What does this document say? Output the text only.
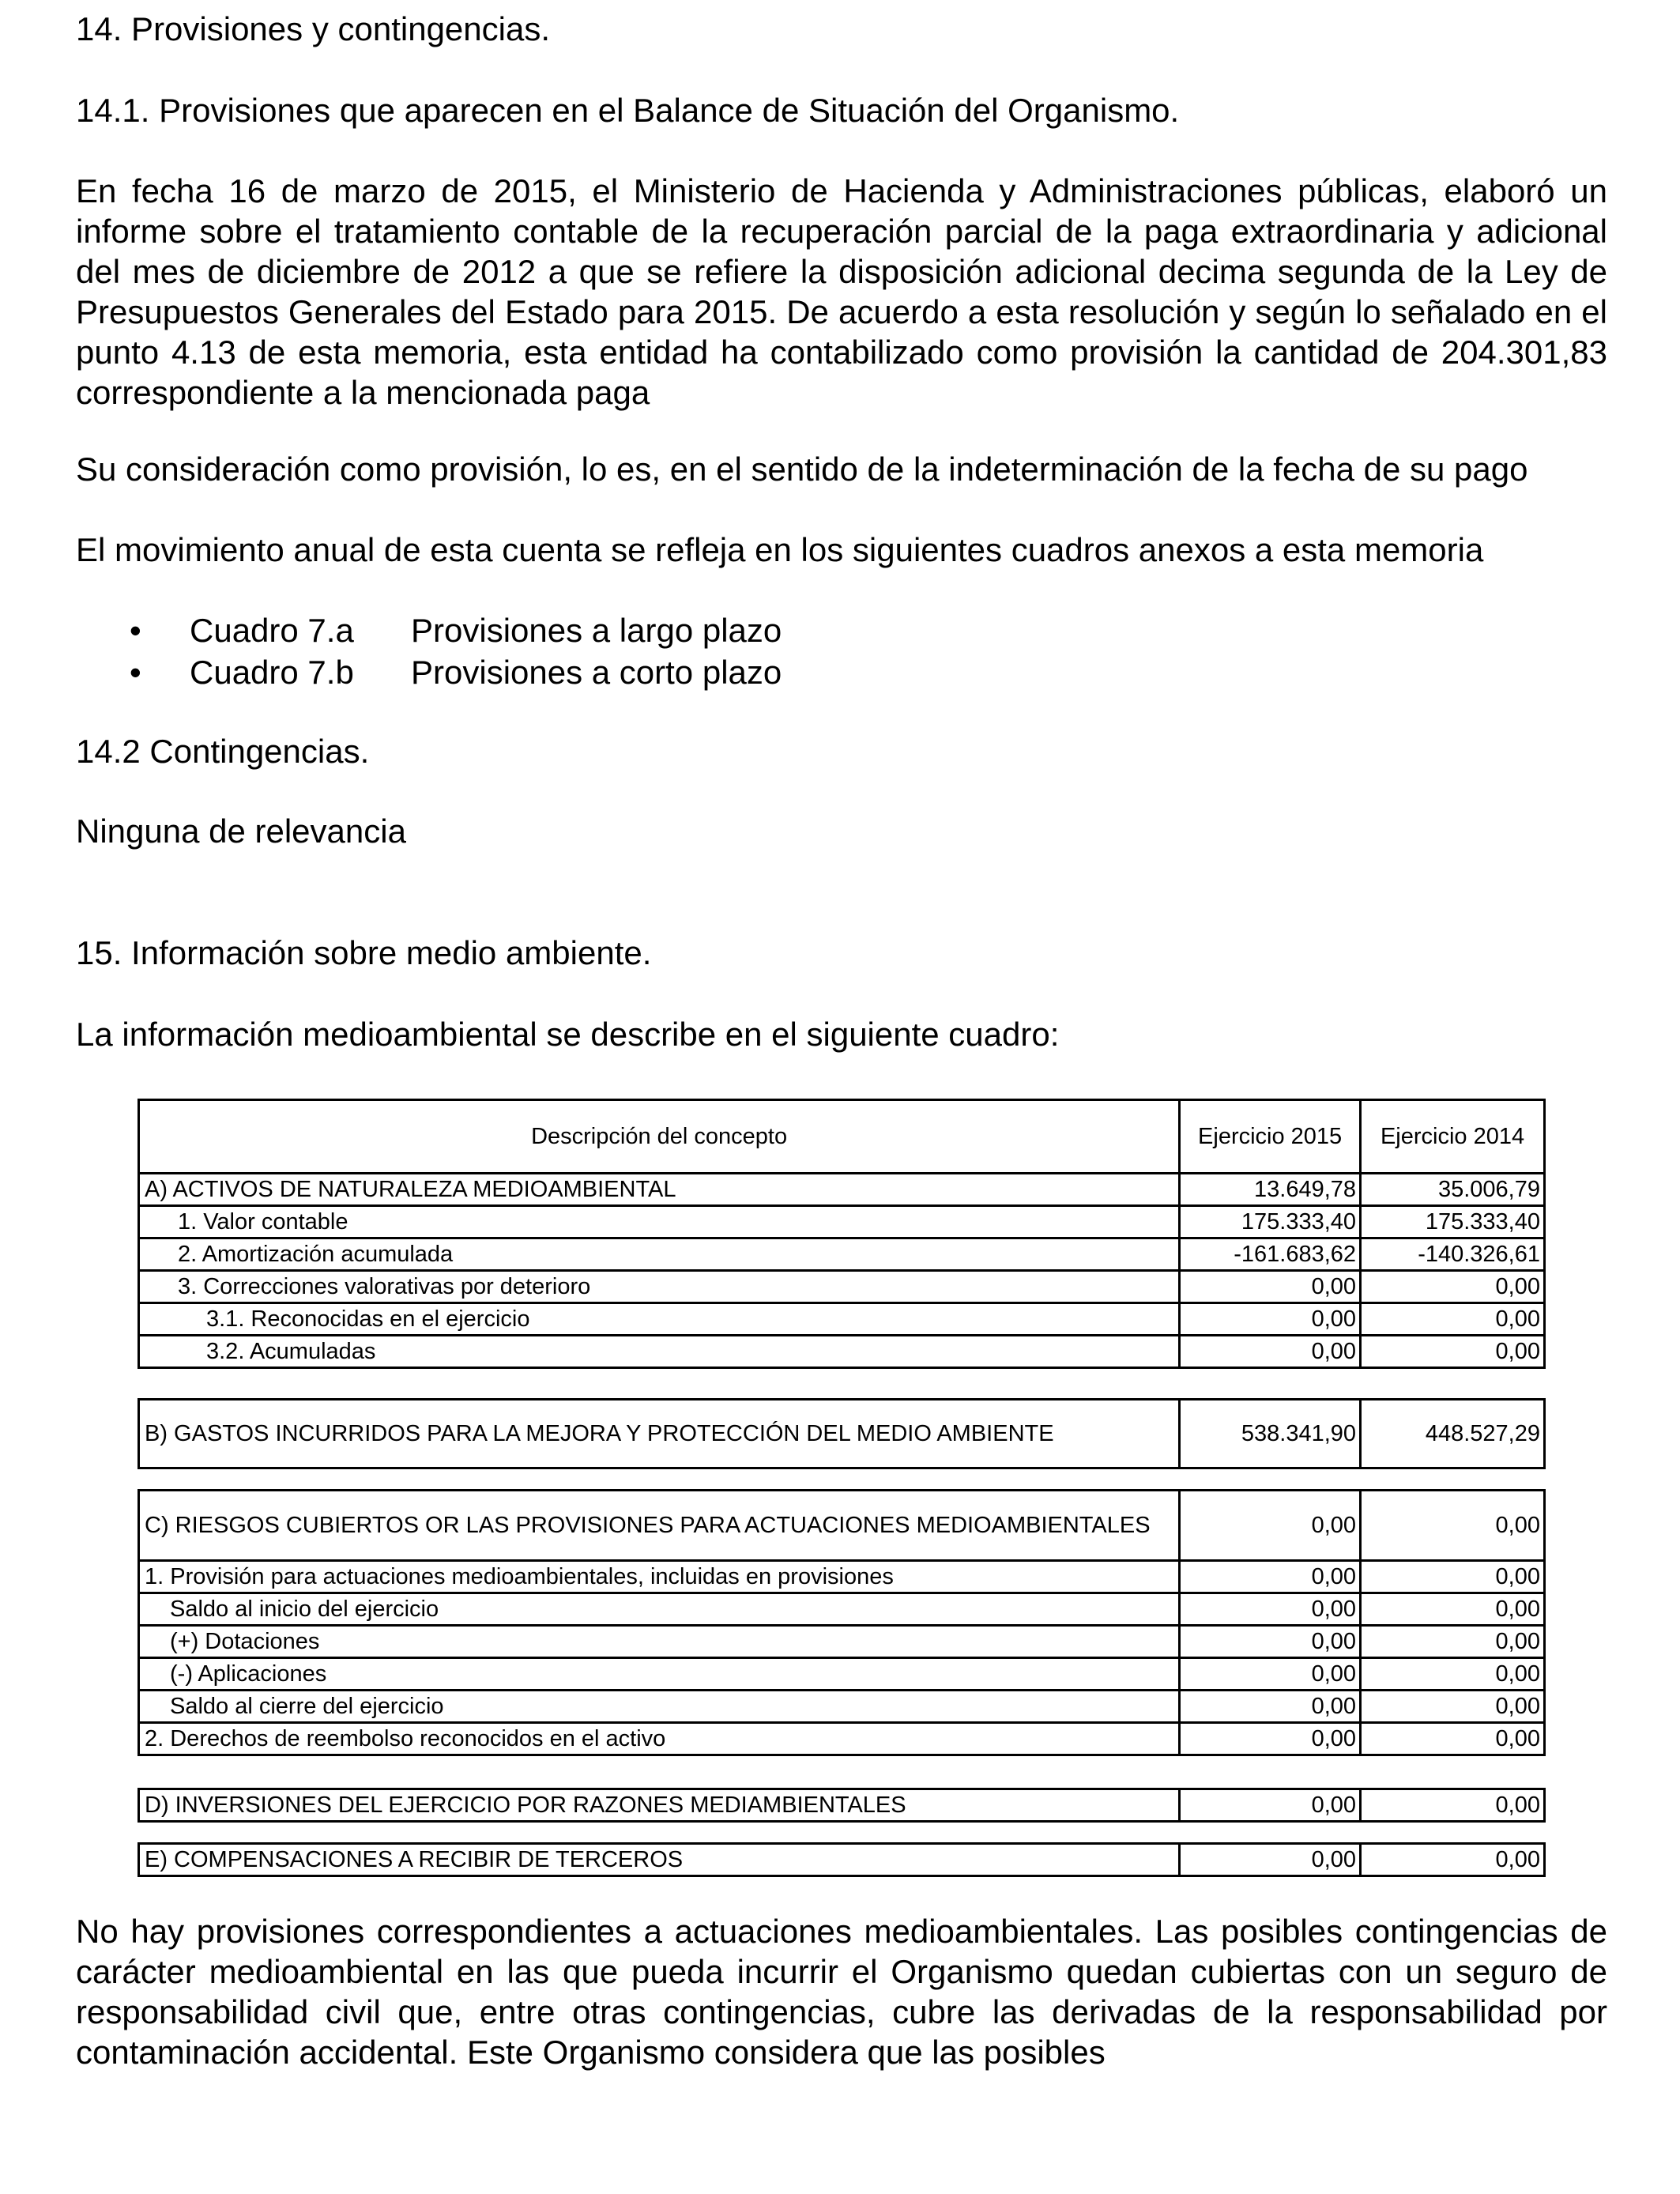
14. Provisiones y contingencias.

14.1. Provisiones que aparecen en el Balance de Situación del Organismo.

En fecha 16 de marzo de 2015, el Ministerio de Hacienda y Administraciones públicas, elaboró un informe sobre el tratamiento contable de la recuperación parcial de la paga extraordinaria y adicional del mes de diciembre de 2012 a que se refiere la disposición adicional decima segunda de la Ley de Presupuestos Generales del Estado para 2015. De acuerdo a esta resolución y según lo señalado en el punto 4.13 de esta memoria, esta entidad ha contabilizado como provisión la cantidad de 204.301,83 correspondiente a la mencionada paga

Su consideración como provisión, lo es, en el sentido de la indeterminación de la fecha de su pago

El movimiento anual de esta cuenta se refleja en los siguientes cuadros anexos a esta memoria

• Cuadro 7.a Provisiones a largo plazo
• Cuadro 7.b Provisiones a corto plazo

14.2 Contingencias.

Ninguna de relevancia

15. Información sobre medio ambiente.

La información medioambiental se describe en el siguiente cuadro:

No hay provisiones correspondientes a actuaciones medioambientales. Las posibles contingencias de carácter medioambiental en las que pueda incurrir el Organismo quedan cubiertas con un seguro de responsabilidad civil que, entre otras contingencias, cubre las derivadas de la responsabilidad por contaminación accidental. Este Organismo considera que las posibles

Descripción del concepto	Ejercicio 2015	Ejercicio 2014
A) ACTIVOS DE NATURALEZA MEDIOAMBIENTAL	13.649,78	35.006,79
1. Valor contable	175.333,40	175.333,40
2. Amortización acumulada	-161.683,62	-140.326,61
3. Correcciones valorativas por deterioro	0,00	0,00
3.1. Reconocidas en el ejercicio	0,00	0,00
3.2. Acumuladas	0,00	0,00
B) GASTOS INCURRIDOS PARA LA MEJORA Y PROTECCIÓN DEL MEDIO AMBIENTE	538.341,90	448.527,29
C) RIESGOS CUBIERTOS OR LAS PROVISIONES PARA ACTUACIONES MEDIOAMBIENTALES	0,00	0,00
1. Provisión para actuaciones medioambientales, incluidas en provisiones	0,00	0,00
Saldo al inicio del ejercicio	0,00	0,00
(+) Dotaciones	0,00	0,00
(-) Aplicaciones	0,00	0,00
Saldo al cierre del ejercicio	0,00	0,00
2. Derechos de reembolso reconocidos en el activo	0,00	0,00
D) INVERSIONES DEL EJERCICIO POR RAZONES MEDIAMBIENTALES	0,00	0,00
E) COMPENSACIONES A RECIBIR DE TERCEROS	0,00	0,00
